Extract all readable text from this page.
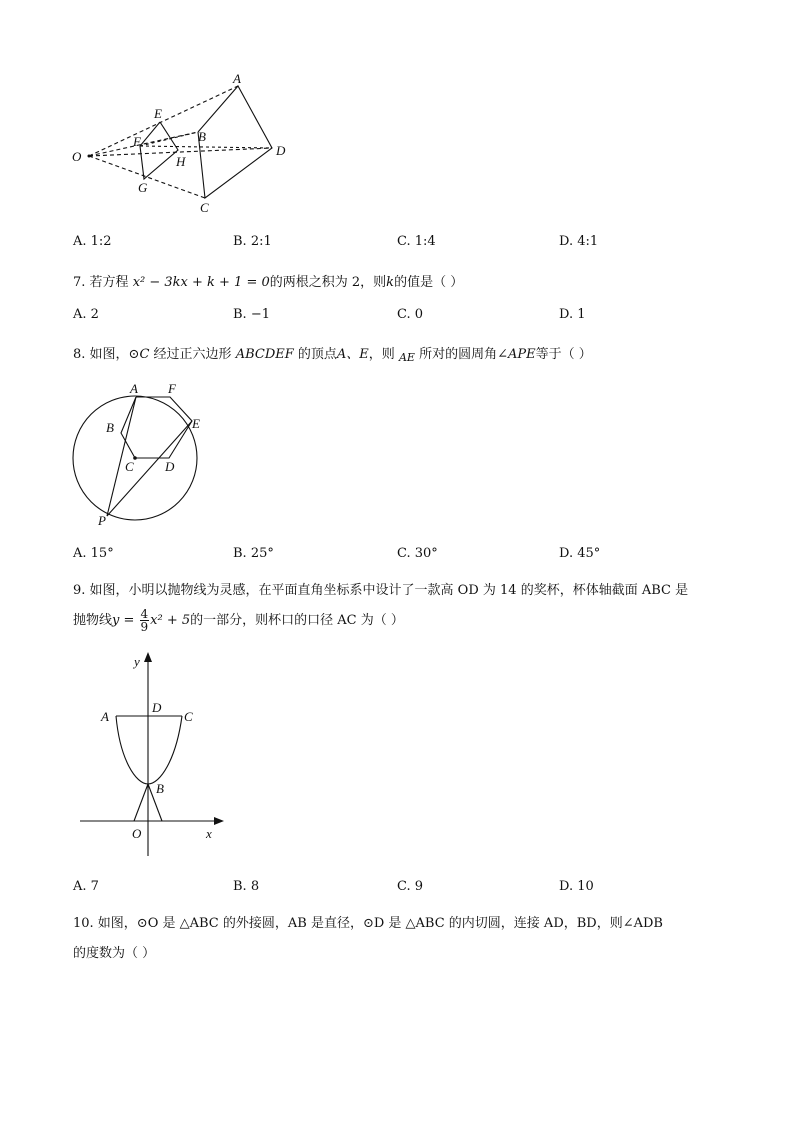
A
B
D
C
E
F
G
H
O
A. 1:2	B. 2:1	C. 1:4	D. 4:1
7. 若方程 x² − 3kx + k + 1 = 0的两根之积为 2，则k的值是（ ）
A. 2	B. −1	C. 0	D. 1
8. 如图，⊙C 经过正六边形 ABCDEF 的顶点A、E，则 $_{AE}$ 所对的圆周角∠APE等于（ ）
A F
E
B
C D
P
A. 15°	B. 25°	C. 30°	D. 45°
9. 如图，小明以抛物线为灵感，在平面直角坐标系中设计了一款高 OD 为 14 的奖杯，杯体轴截面 ABC 是
抛物线$y = \frac{4}{9} x^2 + 5$的一部分，则杯口的口径 AC 为（ ）
y
x
A	C
D
B
O
A. 7	B. 8	C. 9	D. 10
10. 如图，⊙O 是 △ABC 的外接圆，AB 是直径，⊙D 是 △ABC 的内切圆，连接 AD，BD，则∠ADB
的度数为（ ）
